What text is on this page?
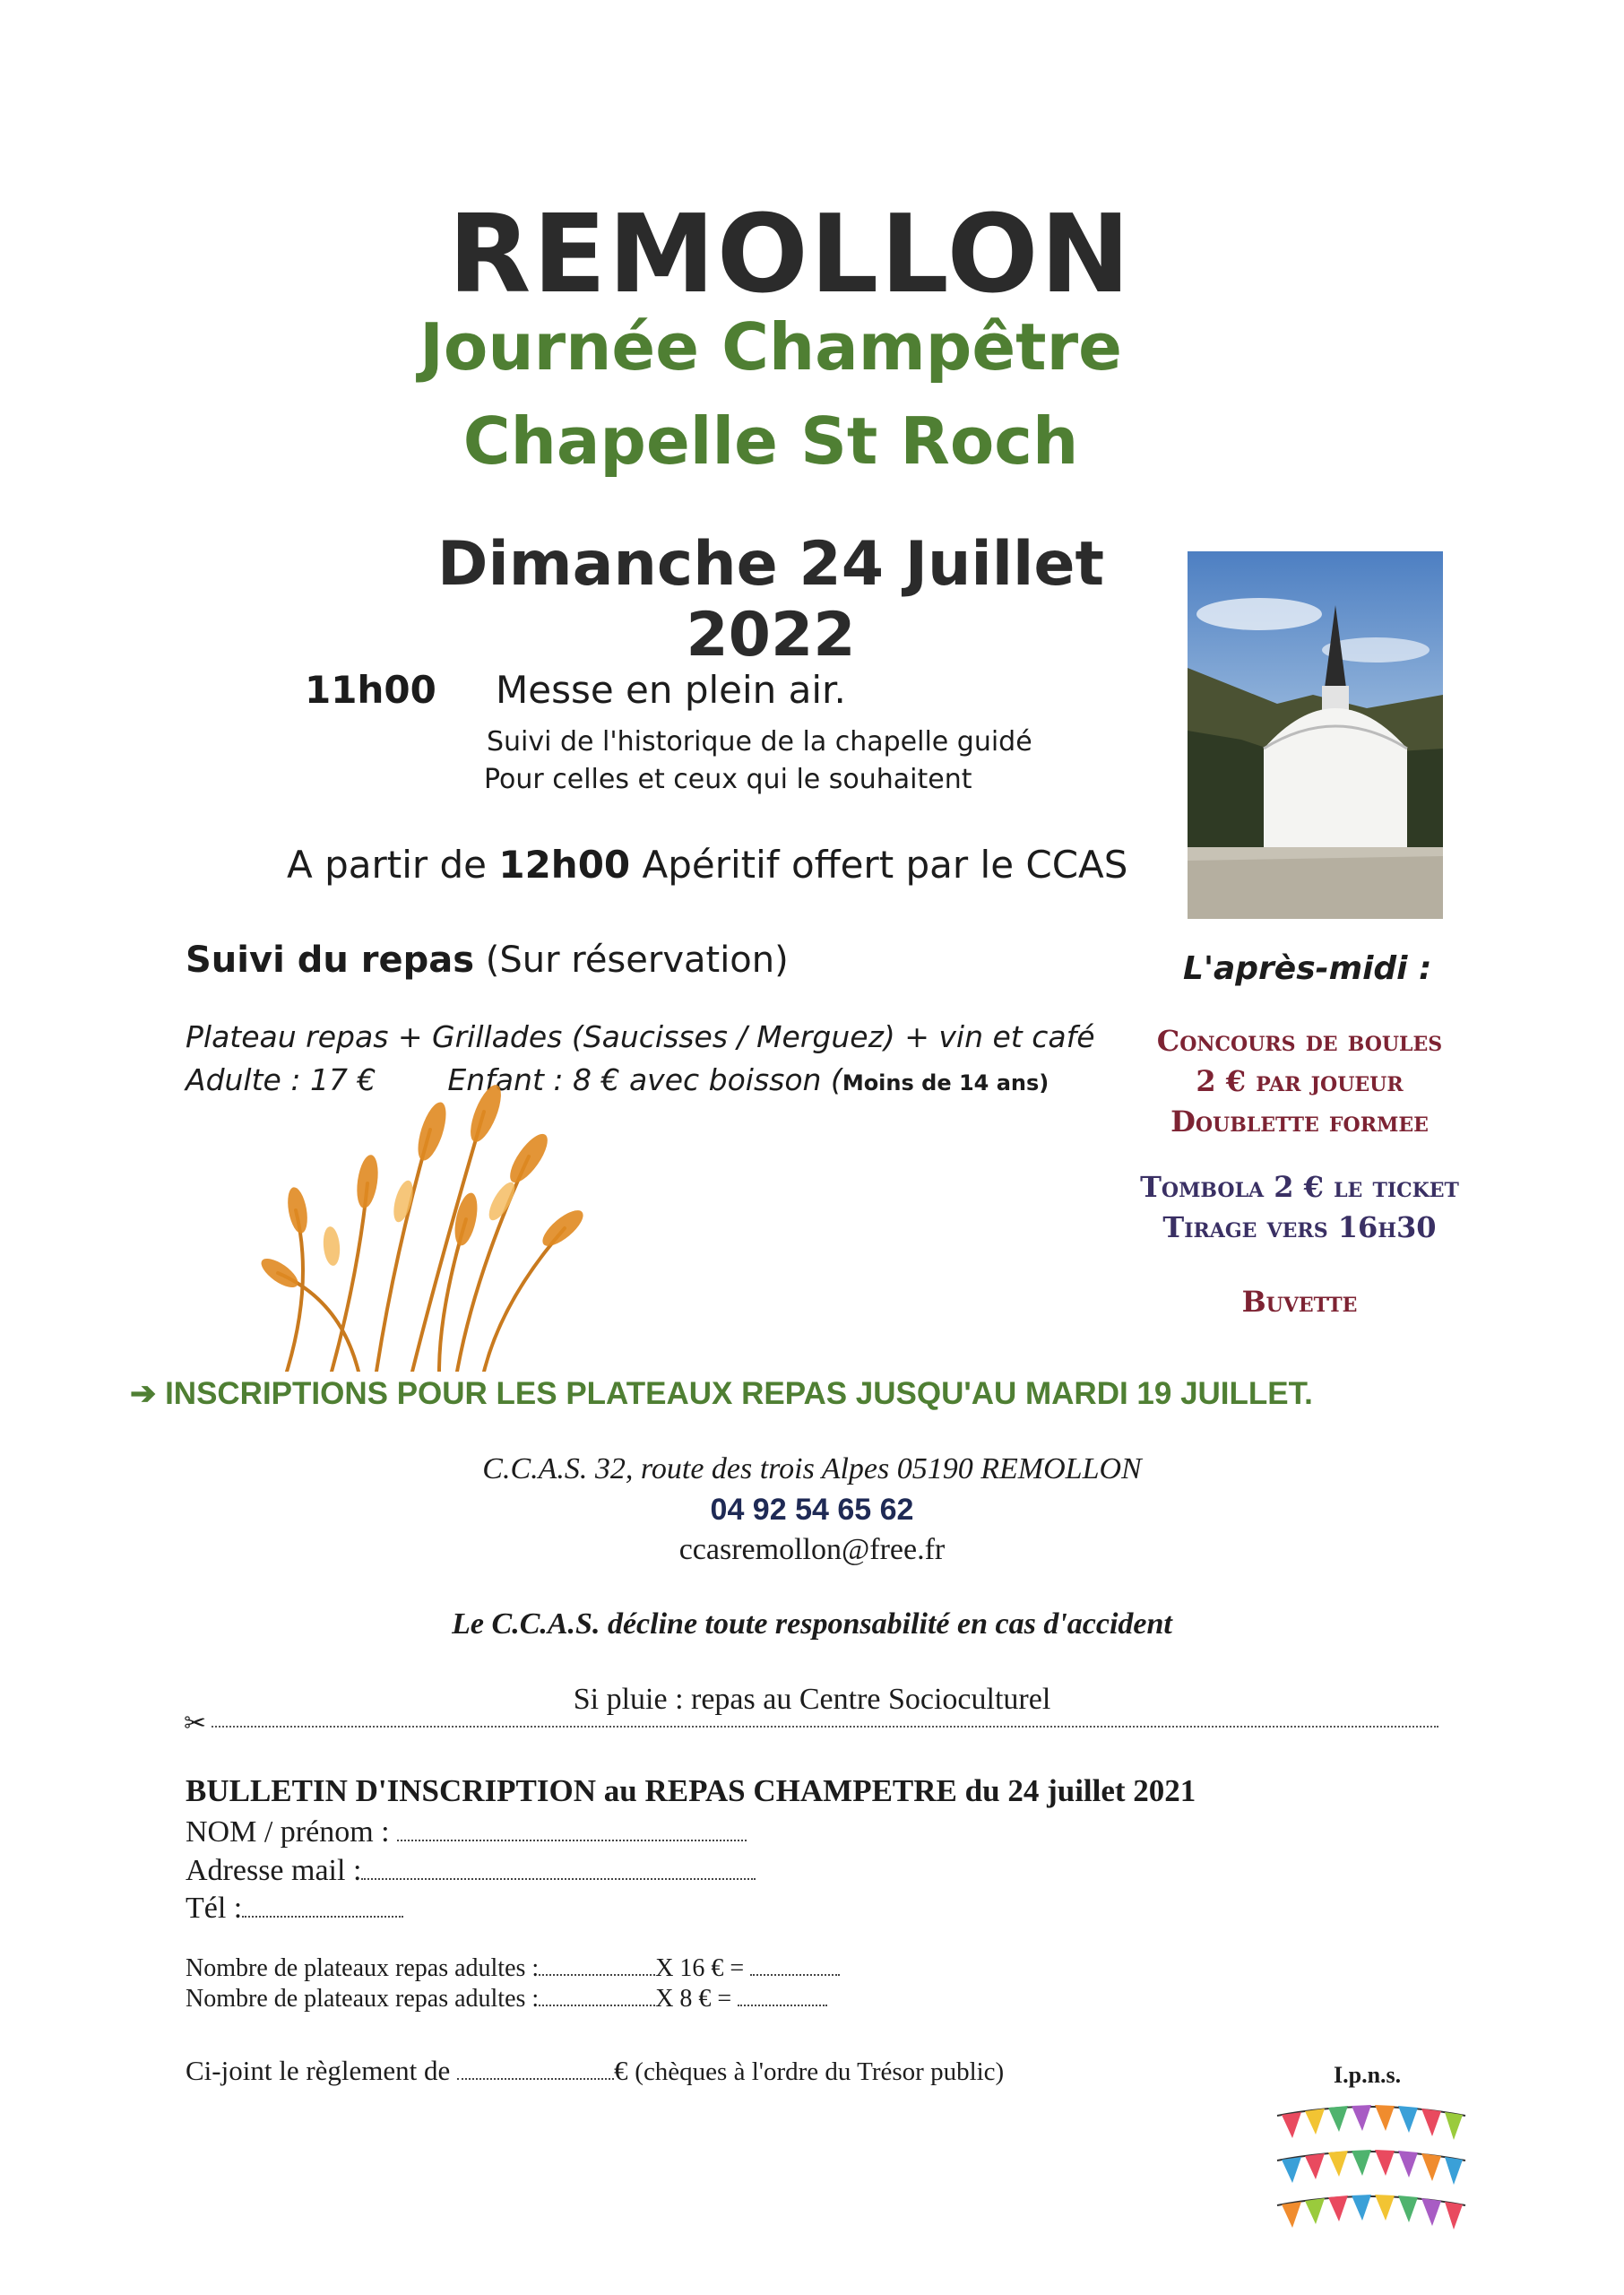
REMOLLON
Journée Champêtre
Chapelle St Roch
Dimanche 24 Juillet 2022
11h00 Messe en plein air.
Suivi de l'historique de la chapelle guidé
Pour celles et ceux qui le souhaitent
A partir de 12h00 Apéritif offert par le CCAS
Suivi du repas (Sur réservation)	L'après-midi :
Plateau repas + Grillades (Saucisses / Merguez) + vin et café
Adulte : 17 € Enfant : 8 € avec boisson (Moins de 14 ans)
Concours de boules
2 € par joueur
Doublette formee
Tombola 2 € le ticket
Tirage vers 16h30
Buvette
➔ INSCRIPTIONS POUR LES PLATEAUX REPAS JUSQU'AU MARDI 19 JUILLET.
C.C.A.S. 32, route des trois Alpes 05190 REMOLLON
04 92 54 65 62
ccasremollon@free.fr
Le C.C.A.S. décline toute responsabilité en cas d'accident
Si pluie : repas au Centre Socioculturel
✂
BULLETIN D'INSCRIPTION au REPAS CHAMPETRE du 24 juillet 2021
NOM / prénom :
Adresse mail :
Tél :
Nombre de plateaux repas adultes :	X 16 € =
Nombre de plateaux repas adultes :	X 8 € =
Ci-joint le règlement de	€ (chèques à l'ordre du Trésor public)	I.p.n.s.
